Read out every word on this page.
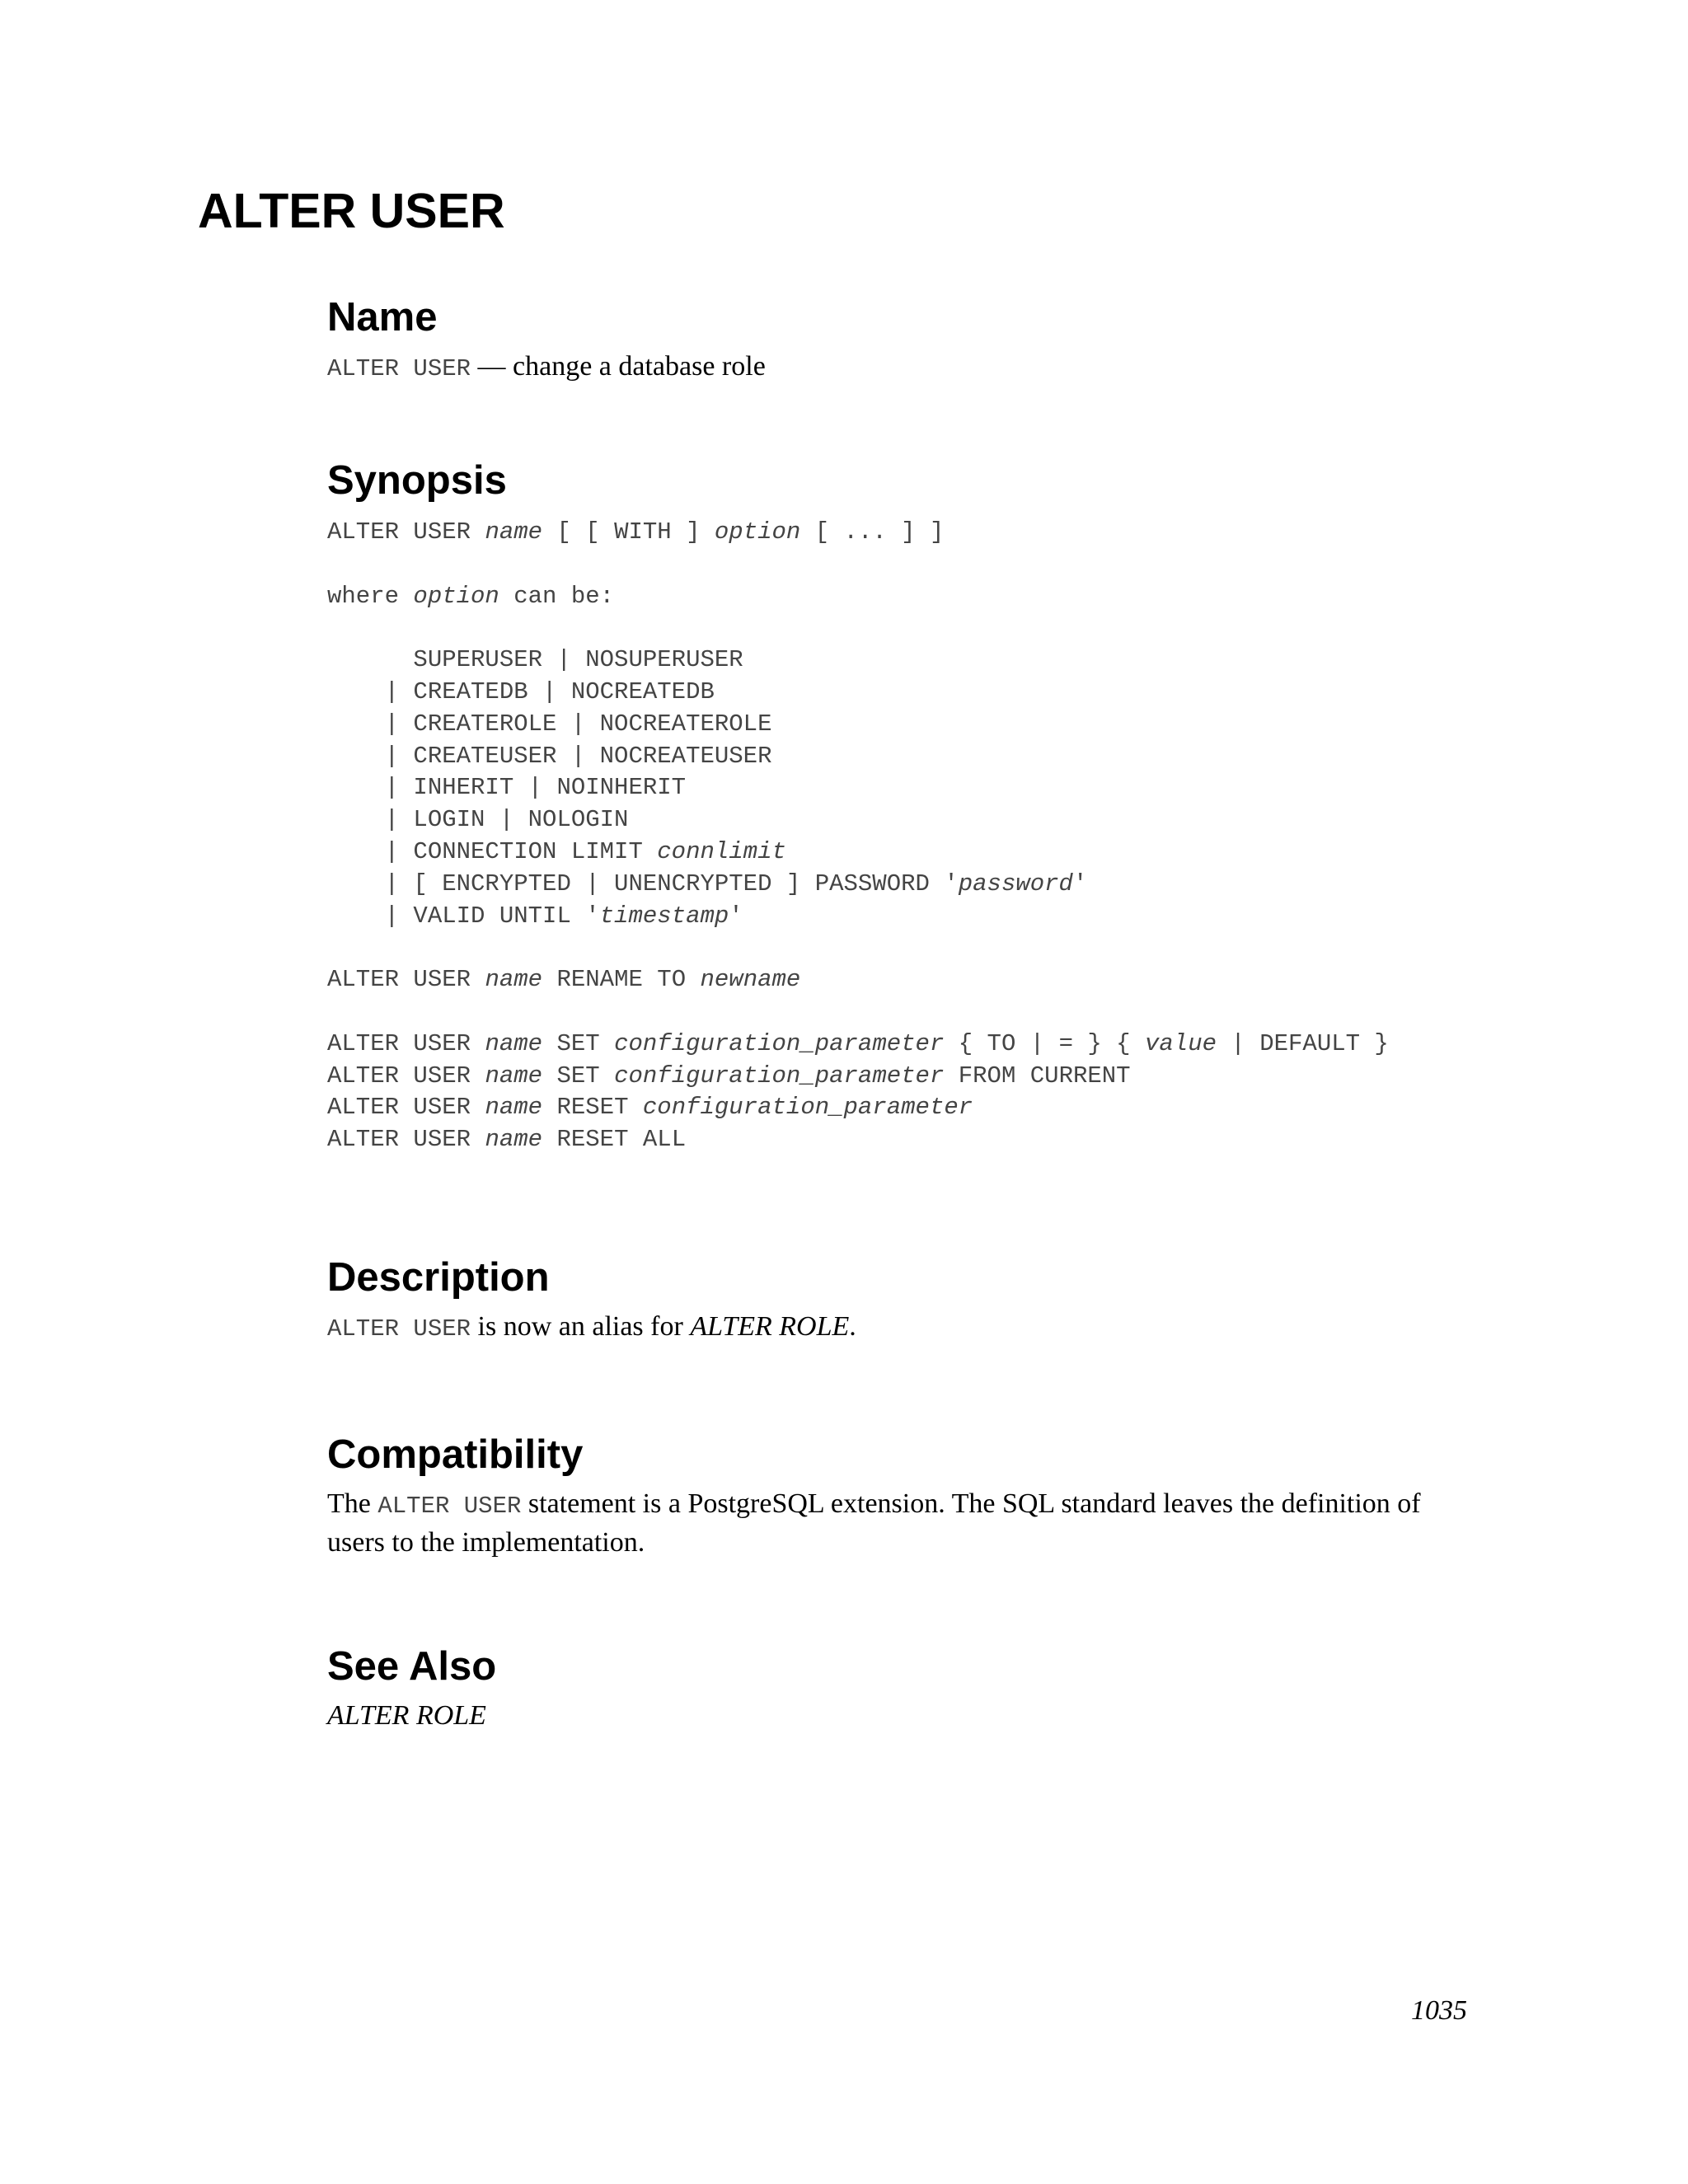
ALTER USER
Name

ALTER USER — change a database role

Synopsis
ALTER USER name [ [ WITH ] option [ ... ] ]
where option can be:
SUPERUSER | NOSUPERUSER
| CREATEDB | NOCREATEDB
| CREATEROLE | NOCREATEROLE
| CREATEUSER | NOCREATEUSER
| INHERIT | NOINHERIT
| LOGIN | NOLOGIN
| CONNECTION LIMIT connlimit
| [ ENCRYPTED | UNENCRYPTED ] PASSWORD 'password'
| VALID UNTIL 'timestamp'
ALTER USER name RENAME TO newname
ALTER USER name SET configuration_parameter { TO | = } { value | DEFAULT }
ALTER USER name SET configuration_parameter FROM CURRENT
ALTER USER name RESET configuration_parameter
ALTER USER name RESET ALL
Description

ALTER USER is now an alias for ALTER ROLE.

Compatibility

The ALTER USER statement is a PostgreSQL extension. The SQL standard leaves the definition of users to the implementation.

See Also

ALTER ROLE

1035
